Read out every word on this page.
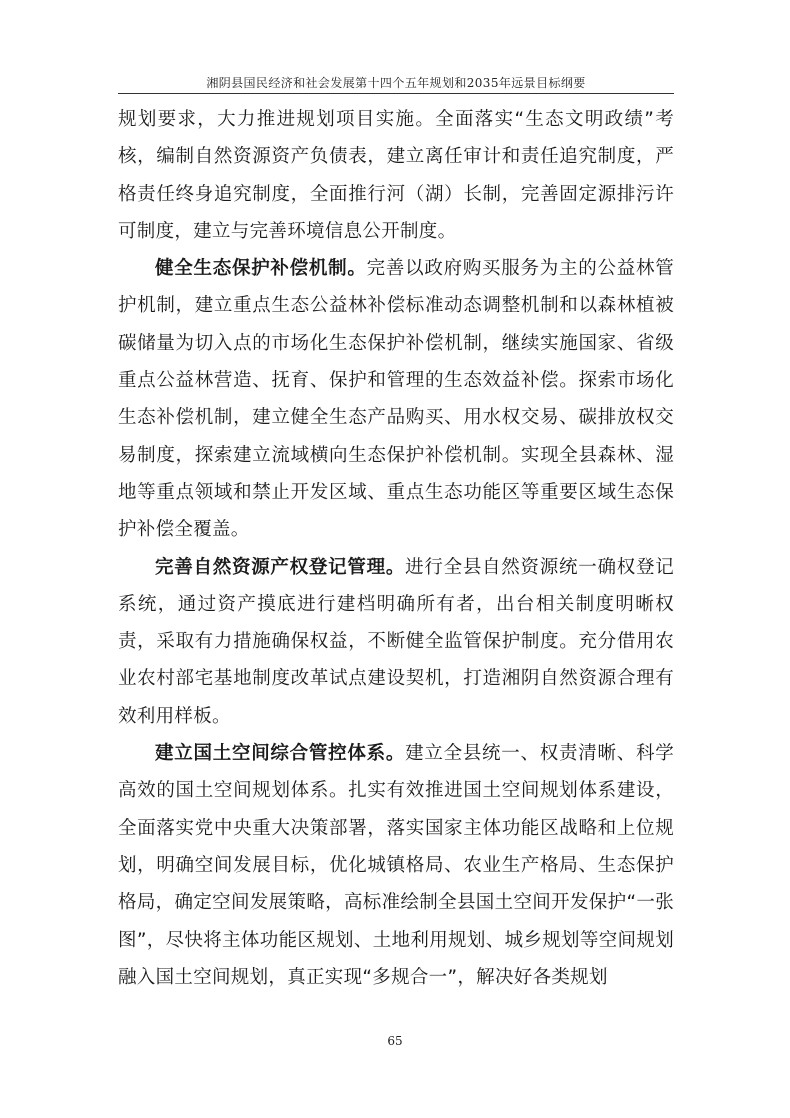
湘阴县国民经济和社会发展第十四个五年规划和2035年远景目标纲要

规划要求，大力推进规划项目实施。全面落实“生态文明政绩”考核，编制自然资源资产负债表，建立离任审计和责任追究制度，严格责任终身追究制度，全面推行河（湖）长制，完善固定源排污许可制度，建立与完善环境信息公开制度。

健全生态保护补偿机制。完善以政府购买服务为主的公益林管护机制，建立重点生态公益林补偿标准动态调整机制和以森林植被碳储量为切入点的市场化生态保护补偿机制，继续实施国家、省级重点公益林营造、抚育、保护和管理的生态效益补偿。探索市场化生态补偿机制，建立健全生态产品购买、用水权交易、碳排放权交易制度，探索建立流域横向生态保护补偿机制。实现全县森林、湿地等重点领域和禁止开发区域、重点生态功能区等重要区域生态保护补偿全覆盖。

完善自然资源产权登记管理。进行全县自然资源统一确权登记系统，通过资产摸底进行建档明确所有者，出台相关制度明晰权责，采取有力措施确保权益，不断健全监管保护制度。充分借用农业农村部宅基地制度改革试点建设契机，打造湘阴自然资源合理有效利用样板。

建立国土空间综合管控体系。建立全县统一、权责清晰、科学高效的国土空间规划体系。扎实有效推进国土空间规划体系建设，全面落实党中央重大决策部署，落实国家主体功能区战略和上位规划，明确空间发展目标，优化城镇格局、农业生产格局、生态保护格局，确定空间发展策略，高标准绘制全县国土空间开发保护“一张图”，尽快将主体功能区规划、土地利用规划、城乡规划等空间规划融入国土空间规划，真正实现“多规合一”，解决好各类规划

65
